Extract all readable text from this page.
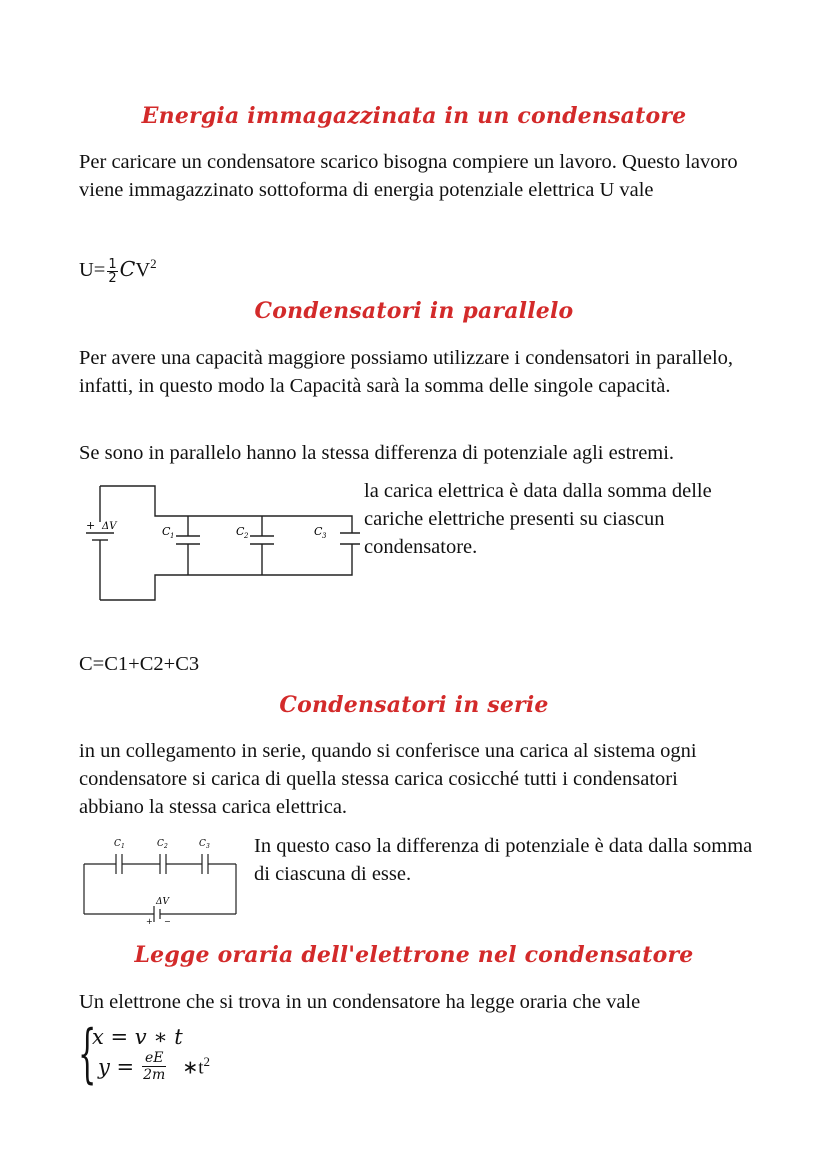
Energia immagazzinata in un condensatore

Per caricare un condensatore scarico bisogna compiere un lavoro. Questo lavoro viene immagazzinato sottoforma di energia potenziale elettrica U vale

$U= \frac{1}{2} CV^2$
Condensatori in parallelo

Per avere una capacità maggiore possiamo utilizzare i condensatori in parallelo, infatti, in questo modo la Capacità sarà la somma delle singole capacità.

Se sono in parallelo hanno la stessa differenza di potenziale agli estremi.

+ ΔV	C 1	C 2	C 3

la carica elettrica è data dalla somma delle cariche elettriche presenti su ciascun condensatore.

C=C1+C2+C3
Condensatori in serie

in un collegamento in serie, quando si conferisce una carica al sistema ogni condensatore si carica di quella stessa carica cosicché tutti i condensatori abbiano la stessa carica elettrica.

C 1	C 2	C 3
ΔV
+ −

In questo caso la differenza di potenziale è data dalla somma di ciascuna di esse.

Legge oraria dell'elettrone nel condensatore

Un elettrone che si trova in un condensatore ha legge oraria che vale

{
x = v ∗ t
$y = \frac{eE}{2m}$ $∗t^2$
